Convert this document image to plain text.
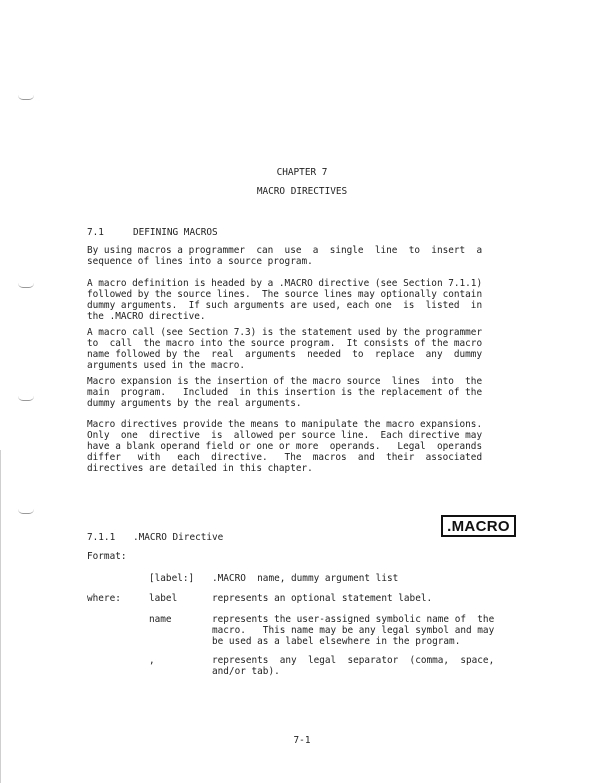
CHAPTER 7
MACRO DIRECTIVES
7.1	DEFINING MACROS
By using macros a programmer  can  use  a  single  line  to  insert  a
sequence of lines into a source program.
A macro definition is headed by a .MACRO directive (see Section 7.1.1)
followed by the source lines.  The source lines may optionally contain
dummy arguments.  If such arguments are used, each one  is  listed  in
the .MACRO directive.
A macro call (see Section 7.3) is the statement used by the programmer
to  call  the macro into the source program.  It consists of the macro
name followed by the  real  arguments  needed  to  replace  any  dummy
arguments used in the macro.
Macro expansion is the insertion of the macro source  lines  into  the
main  program.   Included  in this insertion is the replacement of the
dummy arguments by the real arguments.
Macro directives provide the means to manipulate the macro expansions.
Only  one  directive  is  allowed per source line.  Each directive may
have a blank operand field or one or more  operands.   Legal  operands
differ   with   each  directive.   The  macros  and  their  associated
directives are detailed in this chapter.
7.1.1 .MACRO Directive
.MACRO
Format:
[label:] .MACRO  name, dummy argument list
where:	label	represents an optional statement label.
name	represents the user-assigned symbolic name of  the
macro.   This name may be any legal symbol and may
be used as a label elsewhere in the program.
,	represents  any  legal  separator  (comma,  space,
and/or tab).
7-1
